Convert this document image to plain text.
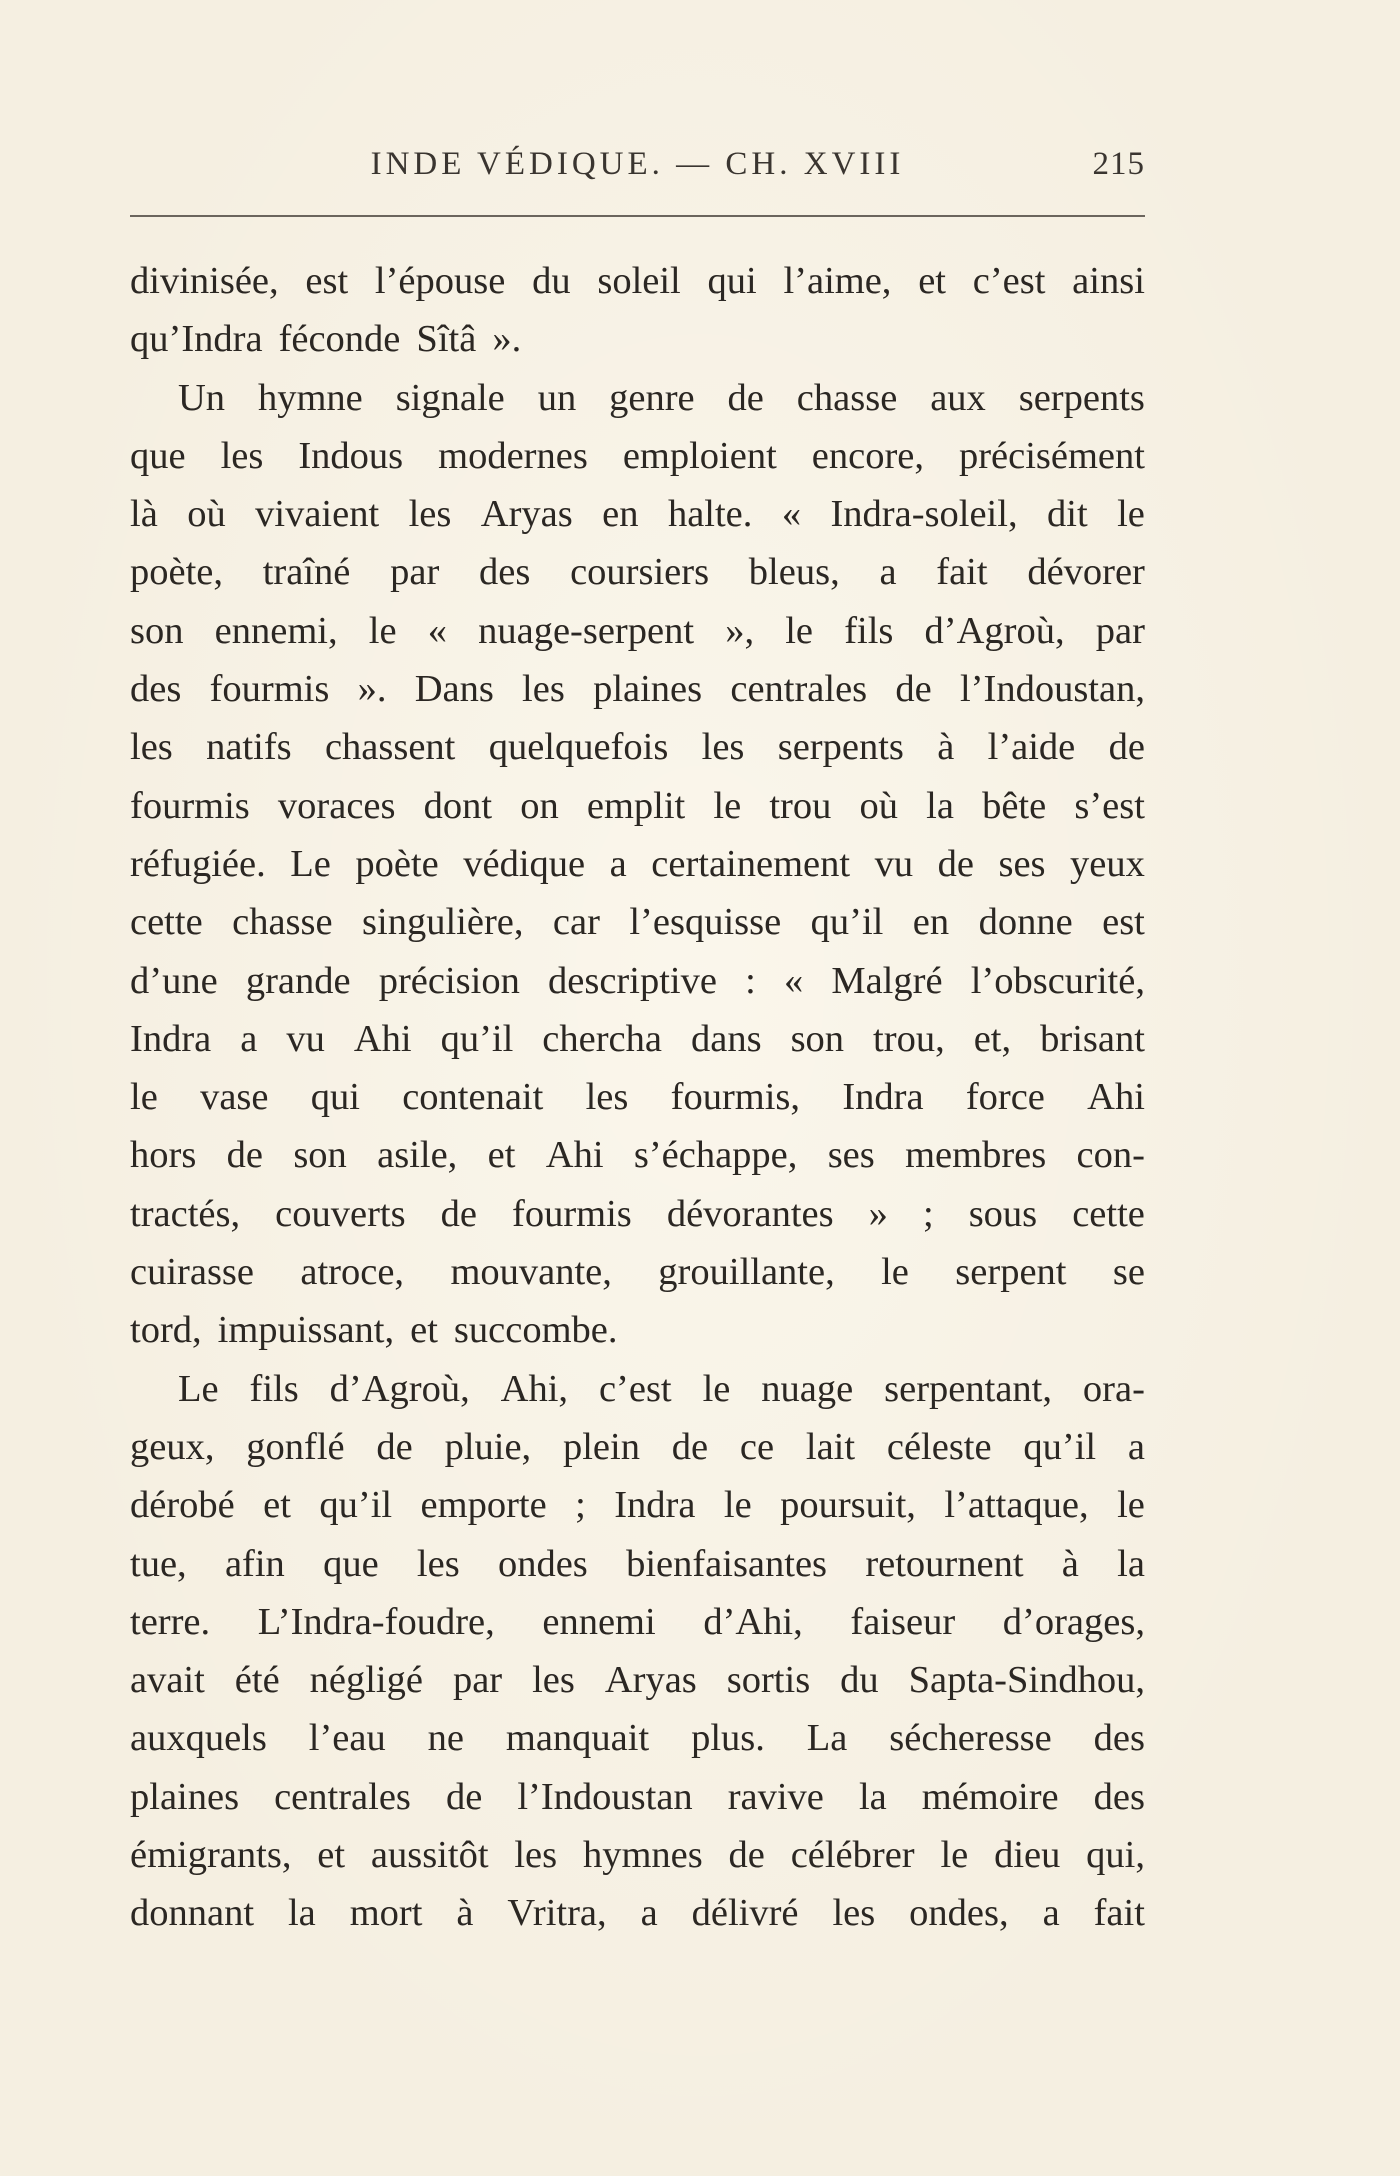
INDE VÉDIQUE. — CH. XVIII	215
divinisée, est l’épouse du soleil qui l’aime, et c’est ainsi
qu’Indra féconde Sîtâ ».
Un hymne signale un genre de chasse aux serpents
que les Indous modernes emploient encore, précisément
là où vivaient les Aryas en halte. « Indra-soleil, dit le
poète, traîné par des coursiers bleus, a fait dévorer
son ennemi, le « nuage-serpent », le fils d’Agroù, par
des fourmis ». Dans les plaines centrales de l’Indoustan,
les natifs chassent quelquefois les serpents à l’aide de
fourmis voraces dont on emplit le trou où la bête s’est
réfugiée. Le poète védique a certainement vu de ses yeux
cette chasse singulière, car l’esquisse qu’il en donne est
d’une grande précision descriptive : « Malgré l’obscurité,
Indra a vu Ahi qu’il chercha dans son trou, et, brisant
le vase qui contenait les fourmis, Indra force Ahi
hors de son asile, et Ahi s’échappe, ses membres con-
tractés, couverts de fourmis dévorantes » ; sous cette
cuirasse atroce, mouvante, grouillante, le serpent se
tord, impuissant, et succombe.
Le fils d’Agroù, Ahi, c’est le nuage serpentant, ora-
geux, gonflé de pluie, plein de ce lait céleste qu’il a
dérobé et qu’il emporte ; Indra le poursuit, l’attaque, le
tue, afin que les ondes bienfaisantes retournent à la
terre. L’Indra-foudre, ennemi d’Ahi, faiseur d’orages,
avait été négligé par les Aryas sortis du Sapta-Sindhou,
auxquels l’eau ne manquait plus. La sécheresse des
plaines centrales de l’Indoustan ravive la mémoire des
émigrants, et aussitôt les hymnes de célébrer le dieu qui,
donnant la mort à Vritra, a délivré les ondes, a fait
